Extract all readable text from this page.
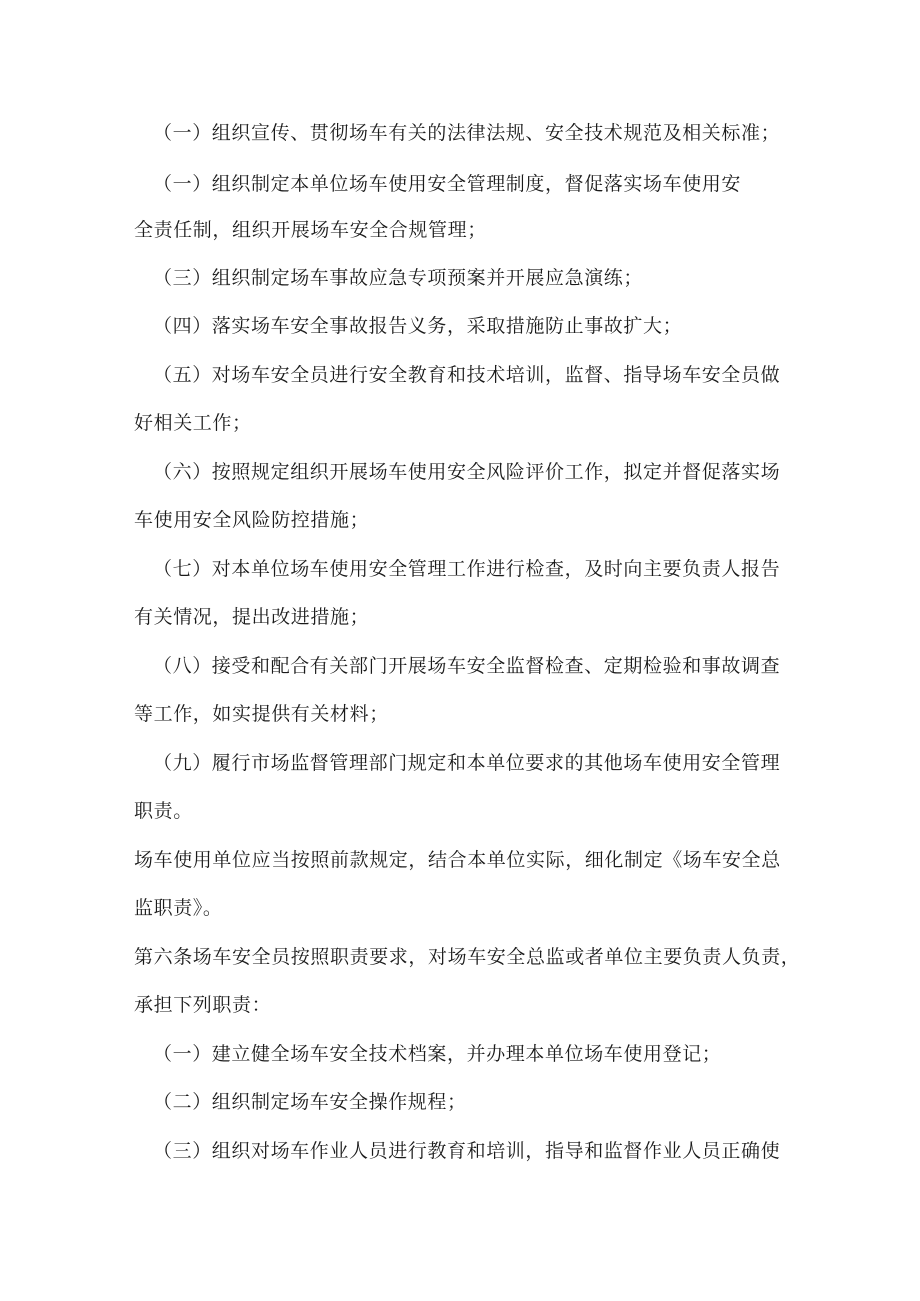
（一）组织宣传、贯彻场车有关的法律法规、安全技术规范及相关标准；
（一）组织制定本单位场车使用安全管理制度，督促落实场车使用安
全责任制，组织开展场车安全合规管理；
（三）组织制定场车事故应急专项预案并开展应急演练；
（四）落实场车安全事故报告义务，采取措施防止事故扩大；
（五）对场车安全员进行安全教育和技术培训，监督、指导场车安全员做
好相关工作；
（六）按照规定组织开展场车使用安全风险评价工作，拟定并督促落实场
车使用安全风险防控措施；
（七）对本单位场车使用安全管理工作进行检查，及时向主要负责人报告
有关情况，提出改进措施；
（八）接受和配合有关部门开展场车安全监督检查、定期检验和事故调查
等工作，如实提供有关材料；
（九）履行市场监督管理部门规定和本单位要求的其他场车使用安全管理
职责。
场车使用单位应当按照前款规定，结合本单位实际，细化制定《场车安全总
监职责》。
第六条场车安全员按照职责要求，对场车安全总监或者单位主要负责人负责，
承担下列职责：
（一）建立健全场车安全技术档案，并办理本单位场车使用登记；
（二）组织制定场车安全操作规程；
（三）组织对场车作业人员进行教育和培训，指导和监督作业人员正确使
